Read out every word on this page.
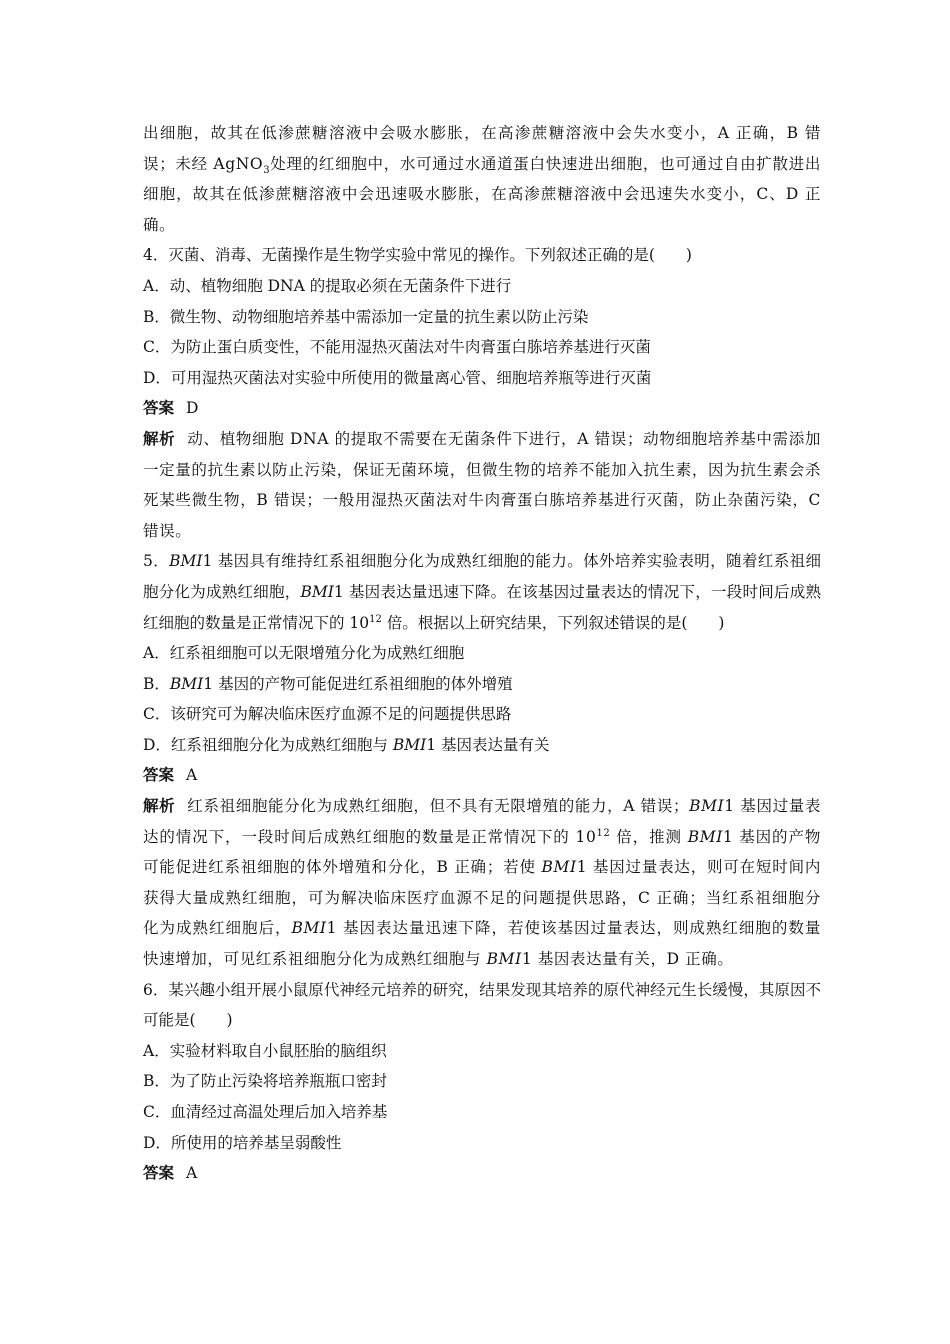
出细胞，故其在低渗蔗糖溶液中会吸水膨胀，在高渗蔗糖溶液中会失水变小，A 正确，B 错误；未经 AgNO$_3$处理的红细胞中，水可通过水通道蛋白快速进出细胞，也可通过自由扩散进出细胞，故其在低渗蔗糖溶液中会迅速吸水膨胀，在高渗蔗糖溶液中会迅速失水变小，C、D 正确。

4．灭菌、消毒、无菌操作是生物学实验中常见的操作。下列叙述正确的是(　　)

A．动、植物细胞 DNA 的提取必须在无菌条件下进行

B．微生物、动物细胞培养基中需添加一定量的抗生素以防止污染

C．为防止蛋白质变性，不能用湿热灭菌法对牛肉膏蛋白胨培养基进行灭菌

D．可用湿热灭菌法对实验中所使用的微量离心管、细胞培养瓶等进行灭菌

答案 D

解析 动、植物细胞 DNA 的提取不需要在无菌条件下进行，A 错误；动物细胞培养基中需添加一定量的抗生素以防止污染，保证无菌环境，但微生物的培养不能加入抗生素，因为抗生素会杀死某些微生物，B 错误；一般用湿热灭菌法对牛肉膏蛋白胨培养基进行灭菌，防止杂菌污染，C 错误。

5．BMI1 基因具有维持红系祖细胞分化为成熟红细胞的能力。体外培养实验表明，随着红系祖细胞分化为成熟红细胞，BMI1 基因表达量迅速下降。在该基因过量表达的情况下，一段时间后成熟红细胞的数量是正常情况下的 $10^{12}$ 倍。根据以上研究结果，下列叙述错误的是(　　)

A．红系祖细胞可以无限增殖分化为成熟红细胞

B．BMI1 基因的产物可能促进红系祖细胞的体外增殖

C．该研究可为解决临床医疗血源不足的问题提供思路

D．红系祖细胞分化为成熟红细胞与 BMI1 基因表达量有关

答案 A

解析 红系祖细胞能分化为成熟红细胞，但不具有无限增殖的能力，A 错误；BMI1 基因过量表达的情况下，一段时间后成熟红细胞的数量是正常情况下的 $10^{12}$ 倍，推测 BMI1 基因的产物可能促进红系祖细胞的体外增殖和分化，B 正确；若使 BMI1 基因过量表达，则可在短时间内获得大量成熟红细胞，可为解决临床医疗血源不足的问题提供思路，C 正确；当红系祖细胞分化为成熟红细胞后，BMI1 基因表达量迅速下降，若使该基因过量表达，则成熟红细胞的数量快速增加，可见红系祖细胞分化为成熟红细胞与 BMI1 基因表达量有关，D 正确。

6．某兴趣小组开展小鼠原代神经元培养的研究，结果发现其培养的原代神经元生长缓慢，其原因不可能是(　　)

A．实验材料取自小鼠胚胎的脑组织

B．为了防止污染将培养瓶瓶口密封

C．血清经过高温处理后加入培养基

D．所使用的培养基呈弱酸性

答案 A
